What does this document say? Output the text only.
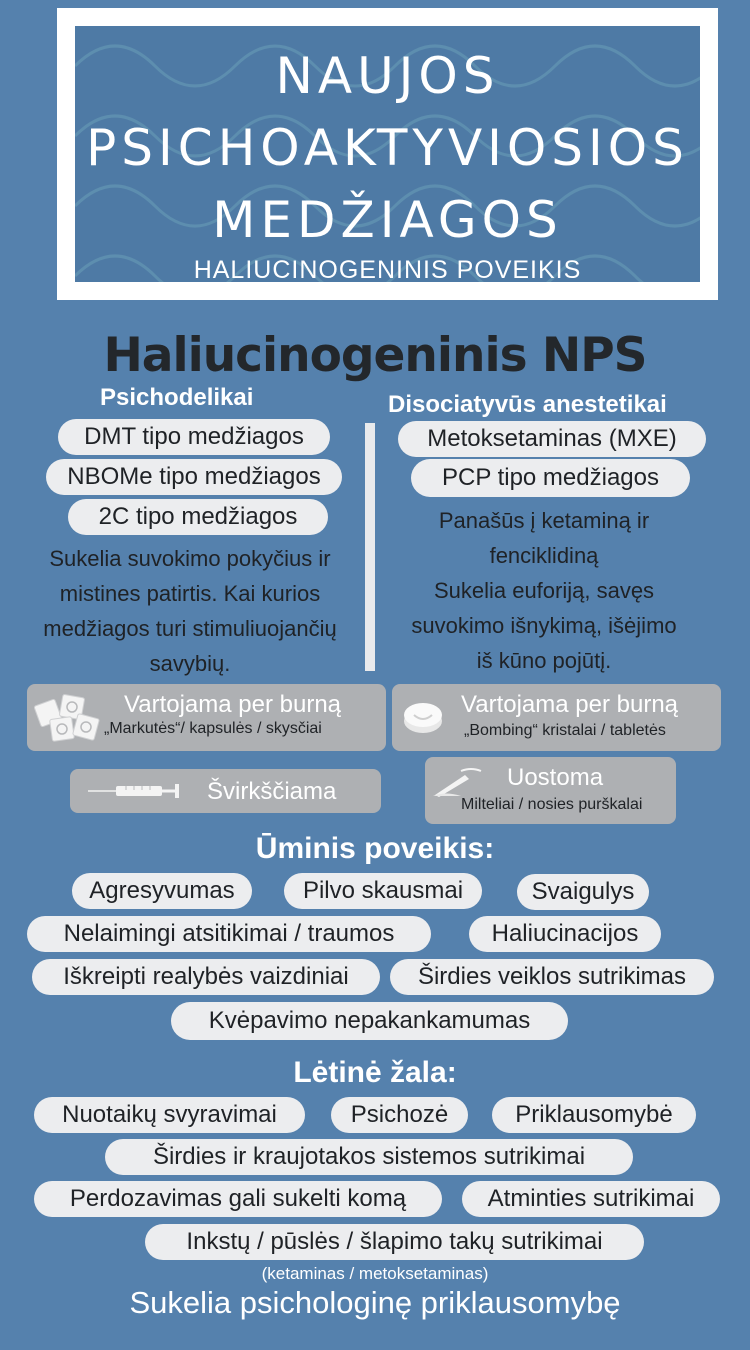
NAUJOS
PSICHOAKTYVIOSIOS
MEDŽIAGOS
HALIUCINOGENINIS POVEIKIS
Haliucinogeninis NPS
Psichodelikai
DMT tipo medžiagos
NBOMe tipo medžiagos
2C tipo medžiagos
Sukelia suvokimo pokyčius ir
mistines patirtis. Kai kurios
medžiagos turi stimuliuojančių
savybių.
Disociatyvūs anestetikai
Metoksetaminas (MXE)
PCP tipo medžiagos
Panašūs į ketaminą ir
fenciklidiną
Sukelia euforiją, savęs
suvokimo išnykimą, išėjimo
iš kūno pojūtį.
Vartojama per burną
„Markutės“/ kapsulės / skysčiai
Vartojama per burną
„Bombing“ kristalai / tabletės
Švirkščiama
Uostoma
Milteliai / nosies purškalai
Ūminis poveikis:
Agresyvumas	Pilvo skausmai	Svaigulys
Nelaimingi atsitikimai / traumos	Haliucinacijos
Iškreipti realybės vaizdiniai	Širdies veiklos sutrikimas
Kvėpavimo nepakankamumas
Lėtinė žala:
Nuotaikų svyravimai	Psichozė	Priklausomybė
Širdies ir kraujotakos sistemos sutrikimai
Perdozavimas gali sukelti komą	Atminties sutrikimai
Inkstų / pūslės / šlapimo takų sutrikimai
(ketaminas / metoksetaminas)
Sukelia psichologinę priklausomybę
